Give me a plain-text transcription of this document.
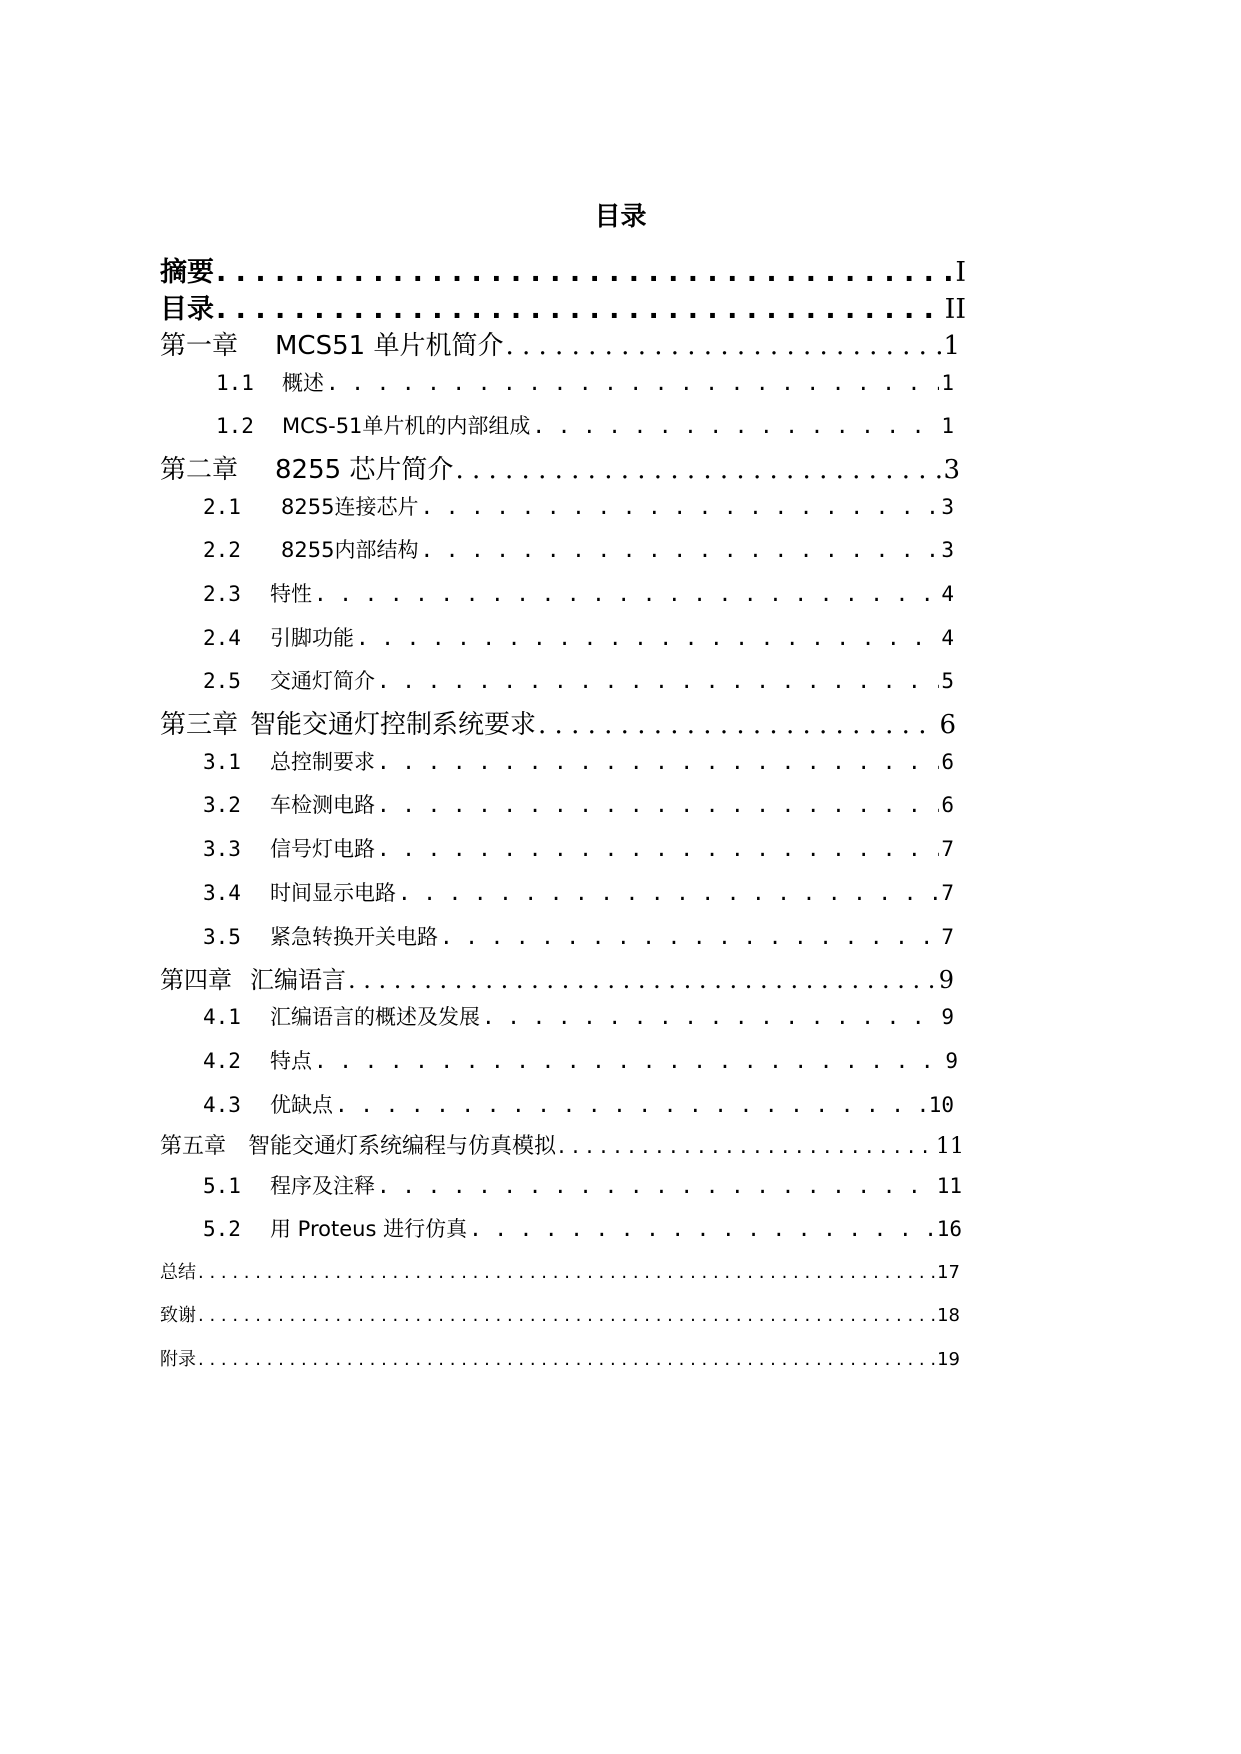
目录
摘要 . . .	I
目录 . . .	II
第一章	MCS51 单片机简介 . . .	1
1.1	概述 . . .	1
1.2	MCS-51单片机的内部组成 . . .	1
第二章	8255 芯片简介 . . .	3
2.1	8255连接芯片 . . .	3
2.2	8255内部结构 . . .	3
2.3	特性 . . .	4
2.4	引脚功能 . . .	4
2.5	交通灯简介 . . .	5
第三章 智能交通灯控制系统要求 . . .	6
3.1	总控制要求 . . .	6
3.2	车检测电路 . . .	6
3.3	信号灯电路 . . .	7
3.4	时间显示电路 . . .	7
3.5	紧急转换开关电路 . . .	7
第四章 汇编语言 . . .	9
4.1	汇编语言的概述及发展 . . .	9
4.2	特点 . . .	9
4.3	优缺点 . . .	10
第五章 智能交通灯系统编程与仿真模拟 . . .	11
5.1	程序及注释 . . .	11
5.2	用 Proteus 进行仿真 . . .	16
总结 . . .	17
致谢 . . .	18
附录 . . .	19
